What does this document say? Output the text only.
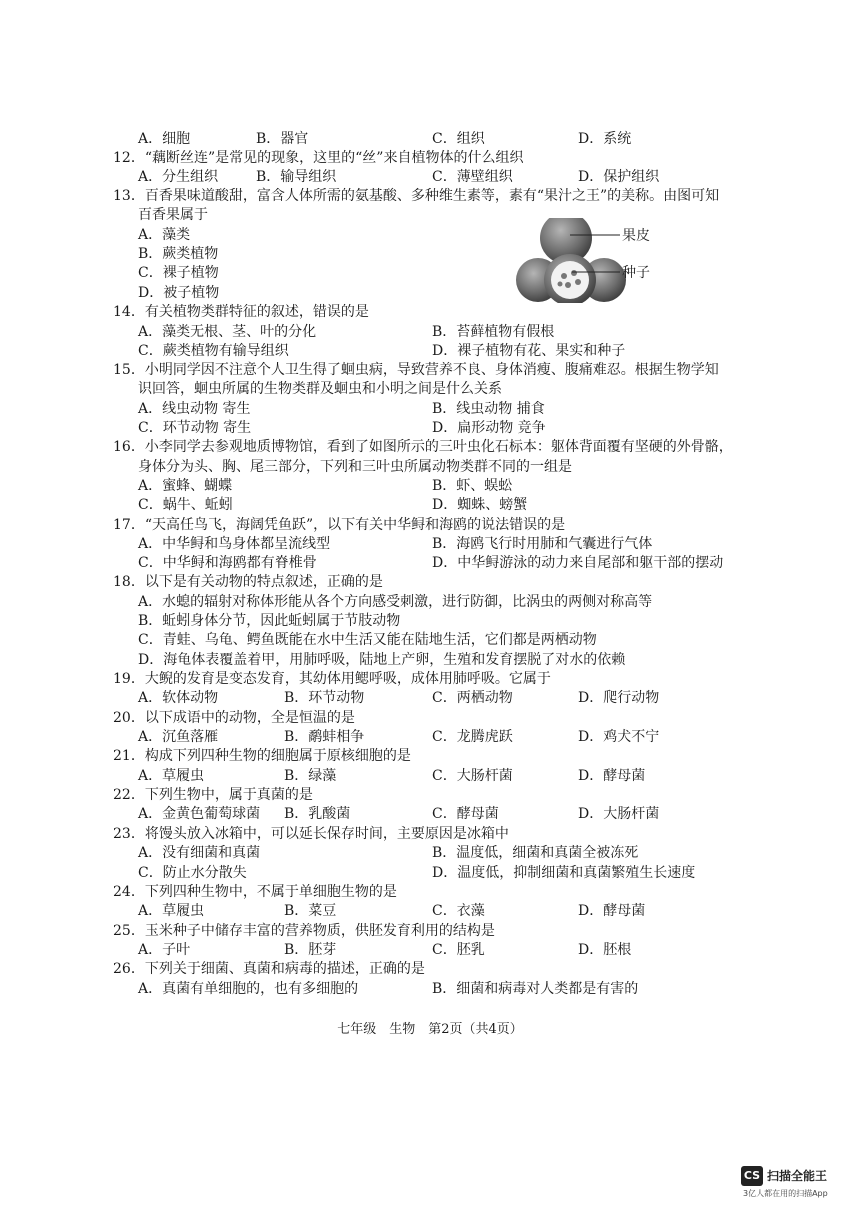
A．细胞	B．器官	C．组织	D．系统
12．“藕断丝连”是常见的现象，这里的“丝”来自植物体的什么组织
A．分生组织	B．输导组织	C．薄壁组织	D．保护组织
13．百香果味道酸甜，富含人体所需的氨基酸、多种维生素等，素有“果汁之王”的美称。由图可知
百香果属于
A．藻类
B．蕨类植物
C．裸子植物
D．被子植物
果皮
种子
14．有关植物类群特征的叙述，错误的是
A．藻类无根、茎、叶的分化	B．苔藓植物有假根
C．蕨类植物有输导组织	D．裸子植物有花、果实和种子
15．小明同学因不注意个人卫生得了蛔虫病，导致营养不良、身体消瘦、腹痛难忍。根据生物学知
识回答，蛔虫所属的生物类群及蛔虫和小明之间是什么关系
A．线虫动物 寄生	B．线虫动物 捕食
C．环节动物 寄生	D．扁形动物 竞争
16．小李同学去参观地质博物馆，看到了如图所示的三叶虫化石标本：躯体背面覆有坚硬的外骨骼，
身体分为头、胸、尾三部分，下列和三叶虫所属动物类群不同的一组是
A．蜜蜂、蝴蝶	B．虾、蜈蚣
C．蜗牛、蚯蚓	D．蜘蛛、螃蟹
17．“天高任鸟飞，海阔凭鱼跃”，以下有关中华鲟和海鸥的说法错误的是
A．中华鲟和鸟身体都呈流线型	B．海鸥飞行时用肺和气囊进行气体
C．中华鲟和海鸥都有脊椎骨	D．中华鲟游泳的动力来自尾部和躯干部的摆动
18．以下是有关动物的特点叙述，正确的是
A．水螅的辐射对称体形能从各个方向感受刺激，进行防御，比涡虫的两侧对称高等
B．蚯蚓身体分节，因此蚯蚓属于节肢动物
C．青蛙、乌龟、鳄鱼既能在水中生活又能在陆地生活，它们都是两栖动物
D．海龟体表覆盖着甲，用肺呼吸，陆地上产卵，生殖和发育摆脱了对水的依赖
19．大鲵的发育是变态发育，其幼体用鳃呼吸，成体用肺呼吸。它属于
A．软体动物	B．环节动物	C．两栖动物	D．爬行动物
20．以下成语中的动物，全是恒温的是
A．沉鱼落雁	B．鹬蚌相争	C．龙腾虎跃	D．鸡犬不宁
21．构成下列四种生物的细胞属于原核细胞的是
A．草履虫	B．绿藻	C．大肠杆菌	D．酵母菌
22．下列生物中，属于真菌的是
A．金黄色葡萄球菌 B．乳酸菌	C．酵母菌	D．大肠杆菌
23．将馒头放入冰箱中，可以延长保存时间，主要原因是冰箱中
A．没有细菌和真菌	B．温度低，细菌和真菌全被冻死
C．防止水分散失	D．温度低，抑制细菌和真菌繁殖生长速度
24．下列四种生物中，不属于单细胞生物的是
A．草履虫	B．菜豆	C．衣藻	D．酵母菌
25．玉米种子中储存丰富的营养物质，供胚发育利用的结构是
A．子叶	B．胚芽	C．胚乳	D．胚根
26．下列关于细菌、真菌和病毒的描述，正确的是
A．真菌有单细胞的，也有多细胞的	B．细菌和病毒对人类都是有害的
七年级　生物　第2页（共4页）
CS 扫描全能王
3亿人都在用的扫描App
